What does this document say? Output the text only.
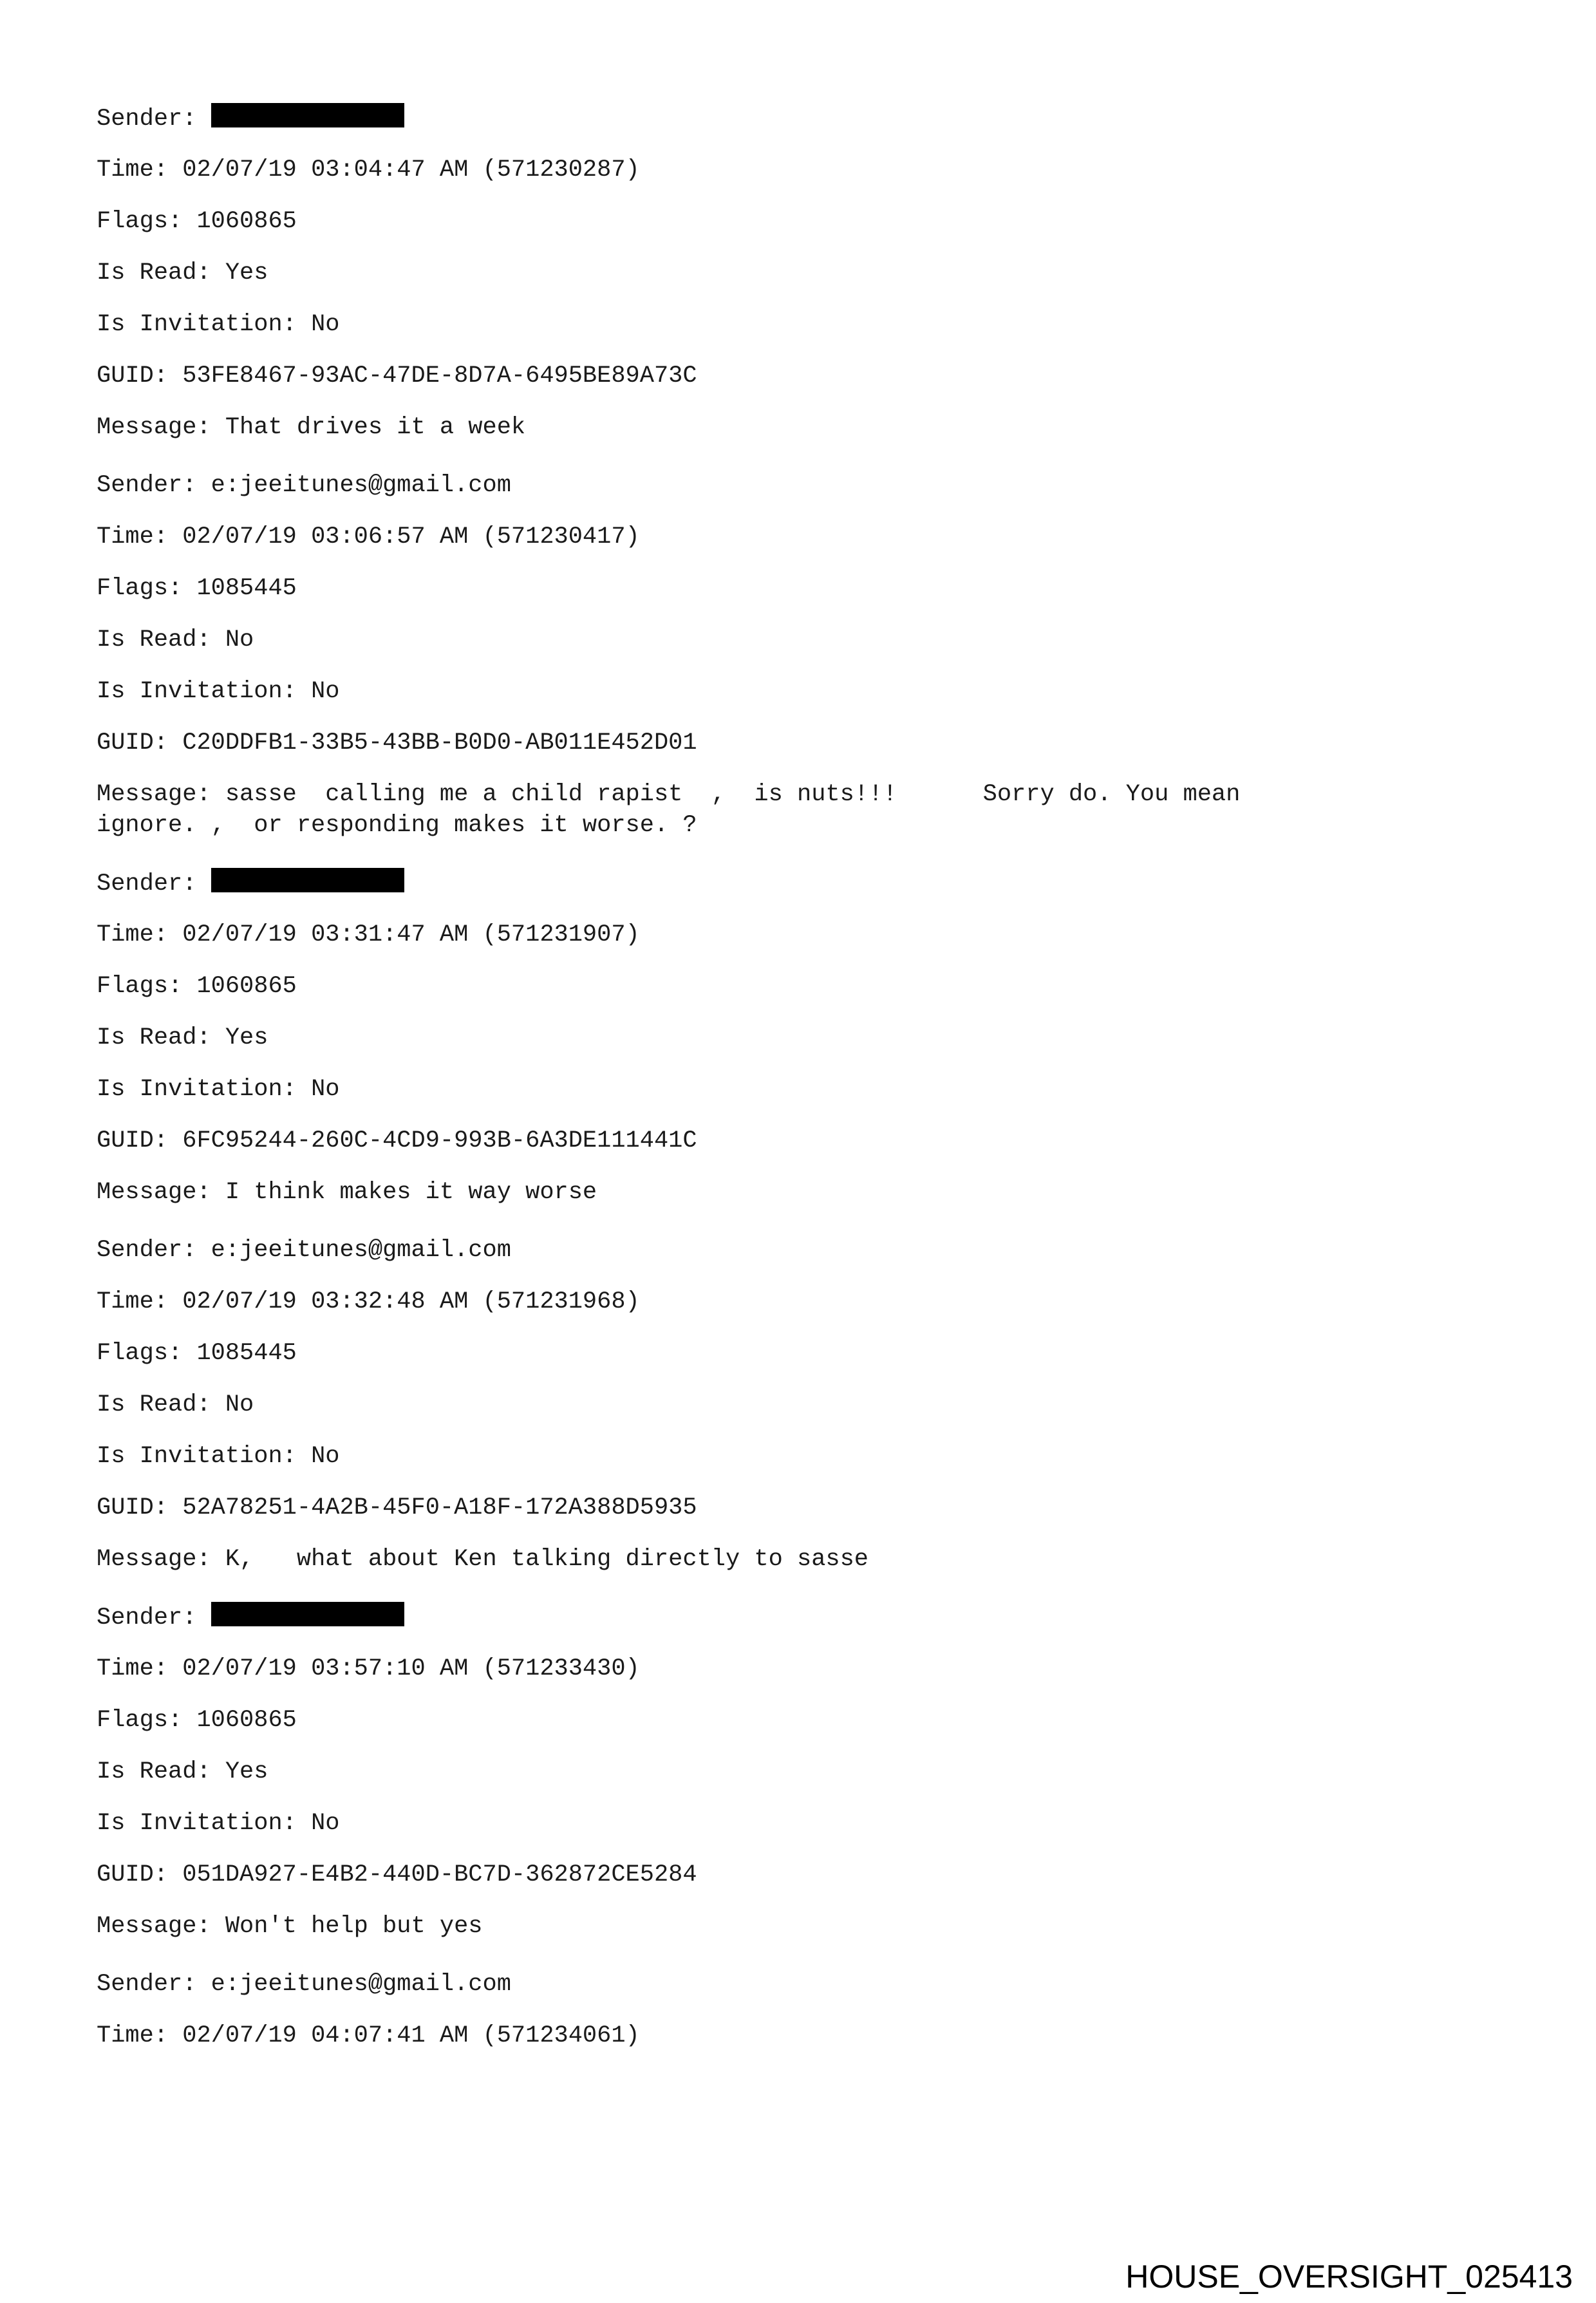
Sender:
Time: 02/07/19 03:04:47 AM (571230287)
Flags: 1060865
Is Read: Yes
Is Invitation: No
GUID: 53FE8467-93AC-47DE-8D7A-6495BE89A73C
Message: That drives it a week
Sender: e:jeeitunes@gmail.com
Time: 02/07/19 03:06:57 AM (571230417)
Flags: 1085445
Is Read: No
Is Invitation: No
GUID: C20DDFB1-33B5-43BB-B0D0-AB011E452D01
Message: sasse  calling me a child rapist  ,  is nuts!!!      Sorry do. You mean
ignore. ,  or responding makes it worse. ?
Sender:
Time: 02/07/19 03:31:47 AM (571231907)
Flags: 1060865
Is Read: Yes
Is Invitation: No
GUID: 6FC95244-260C-4CD9-993B-6A3DE111441C
Message: I think makes it way worse
Sender: e:jeeitunes@gmail.com
Time: 02/07/19 03:32:48 AM (571231968)
Flags: 1085445
Is Read: No
Is Invitation: No
GUID: 52A78251-4A2B-45F0-A18F-172A388D5935
Message: K,   what about Ken talking directly to sasse
Sender:
Time: 02/07/19 03:57:10 AM (571233430)
Flags: 1060865
Is Read: Yes
Is Invitation: No
GUID: 051DA927-E4B2-440D-BC7D-362872CE5284
Message: Won't help but yes
Sender: e:jeeitunes@gmail.com
Time: 02/07/19 04:07:41 AM (571234061)
HOUSE_OVERSIGHT_025413
